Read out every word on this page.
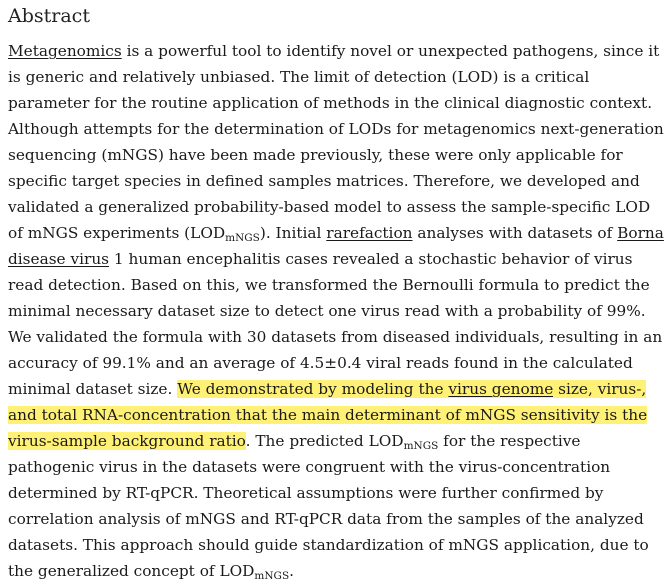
Abstract

Metagenomics is a powerful tool to identify novel or unexpected pathogens, since it is generic and relatively unbiased. The limit of detection (LOD) is a critical parameter for the routine application of methods in the clinical diagnostic context. Although attempts for the determination of LODs for metagenomics next-generation sequencing (mNGS) have been made previously, these were only applicable for specific target species in defined samples matrices. Therefore, we developed and validated a generalized probability-based model to assess the sample-specific LOD of mNGS experiments $(LOD_{mNGS})$. Initial rarefaction analyses with datasets of Borna disease virus 1 human encephalitis cases revealed a stochastic behavior of virus read detection. Based on this, we transformed the Bernoulli formula to predict the minimal necessary dataset size to detect one virus read with a probability of 99%. We validated the formula with 30 datasets from diseased individuals, resulting in an accuracy of 99.1% and an average of 4.5±0.4 viral reads found in the calculated minimal dataset size. We demonstrated by modeling the virus genome size, virus-, and total RNA-concentration that the main determinant of mNGS sensitivity is the virus-sample background ratio. The predicted $LOD_{mNGS}$ for the respective pathogenic virus in the datasets were congruent with the virus-concentration determined by RT-qPCR. Theoretical assumptions were further confirmed by correlation analysis of mNGS and RT-qPCR data from the samples of the analyzed datasets. This approach should guide standardization of mNGS application, due to the generalized concept of $LOD_{mNGS}$.
